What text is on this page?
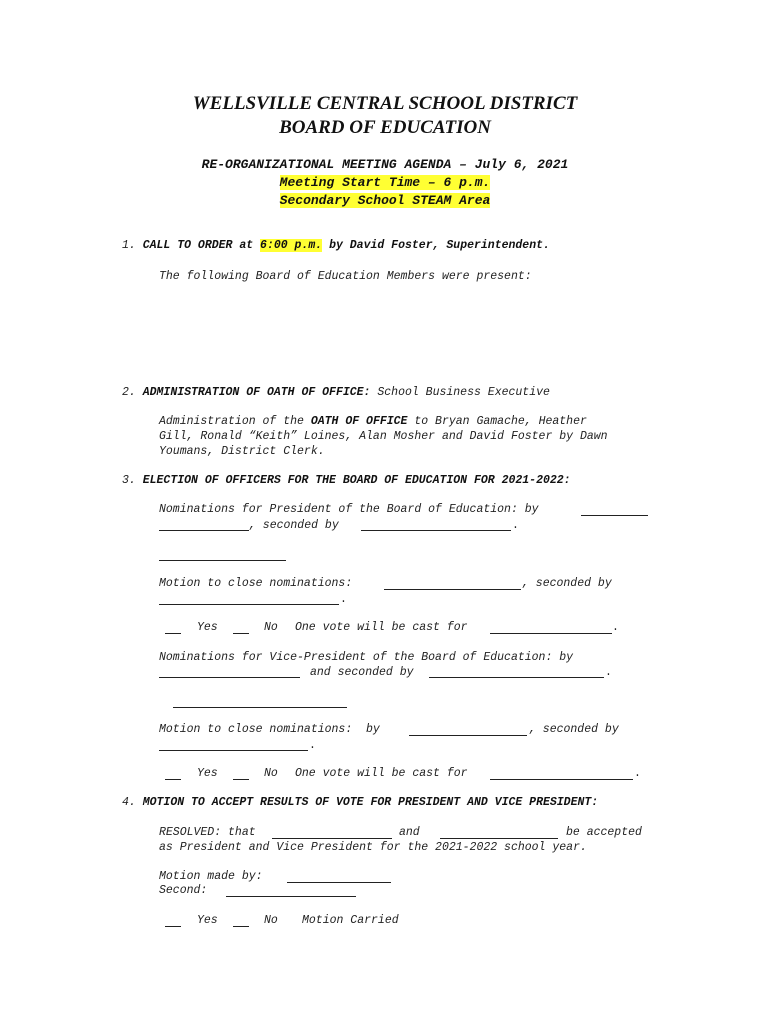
WELLSVILLE CENTRAL SCHOOL DISTRICT
BOARD OF EDUCATION
RE-ORGANIZATIONAL MEETING AGENDA – July 6, 2021
Meeting Start Time – 6 p.m.
Secondary School STEAM Area
1. CALL TO ORDER at 6:00 p.m. by David Foster, Superintendent.
The following Board of Education Members were present:
2. ADMINISTRATION OF OATH OF OFFICE: School Business Executive
Administration of the OATH OF OFFICE to Bryan Gamache, Heather
Gill, Ronald “Keith” Loines, Alan Mosher and David Foster by Dawn
Youmans, District Clerk.
3. ELECTION OF OFFICERS FOR THE BOARD OF EDUCATION FOR 2021-2022:
Nominations for President of the Board of Education: by
, seconded by	.
Motion to close nominations:	, seconded by
.
Yes	No One vote will be cast for	.
Nominations for Vice-President of the Board of Education: by
and seconded by	.
Motion to close nominations:  by	, seconded by
.
Yes	No One vote will be cast for	.
4. MOTION TO ACCEPT RESULTS OF VOTE FOR PRESIDENT AND VICE PRESIDENT:
RESOLVED: that	and	be accepted
as President and Vice President for the 2021-2022 school year.
Motion made by:
Second:
Yes	No Motion Carried
